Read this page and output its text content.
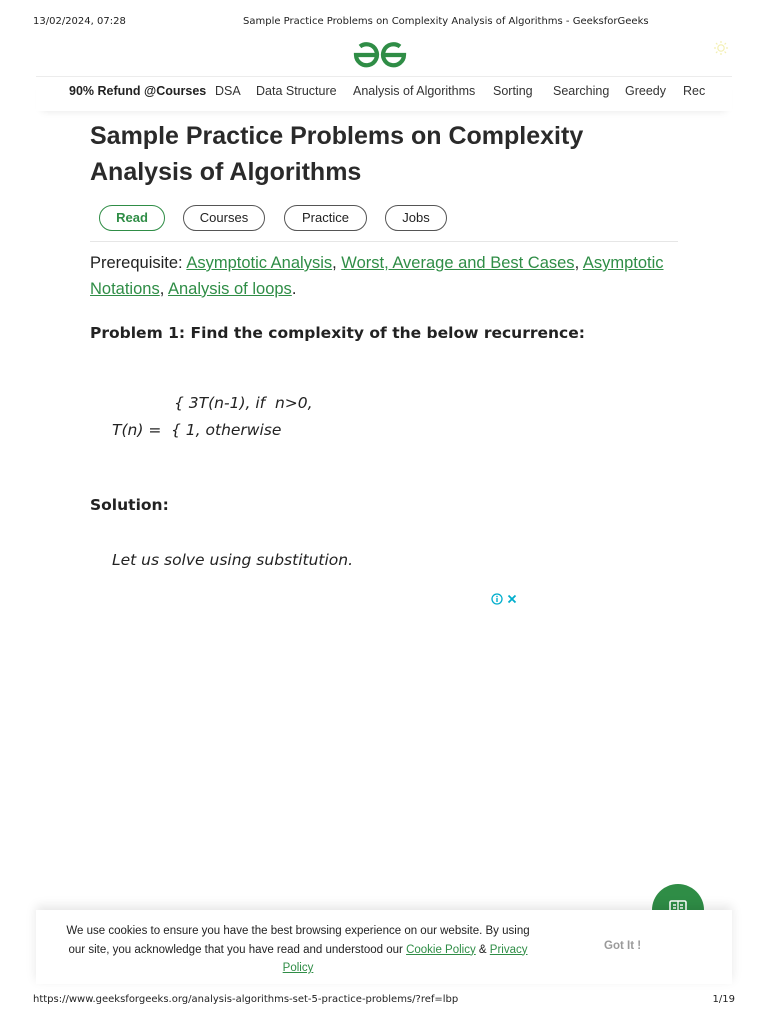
13/02/2024, 07:28	Sample Practice Problems on Complexity Analysis of Algorithms - GeeksforGeeks
90% Refund @Courses DSA Data Structure Analysis of Algorithms Sorting Searching Greedy Rec
Sample Practice Problems on Complexity Analysis of Algorithms
Read	Courses	Practice	Jobs

Prerequisite: Asymptotic Analysis, Worst, Average and Best Cases, Asymptotic Notations, Analysis of loops.

Problem 1: Find the complexity of the below recurrence:
{ 3T(n-1), if  n>0,
T(n) = { 1, otherwise
Solution:

Let us solve using substitution.

We use cookies to ensure you have the best browsing experience on our website. By using our site, you acknowledge that you have read and understood our Cookie Policy & Privacy Policy

Got It !
https://www.geeksforgeeks.org/analysis-algorithms-set-5-practice-problems/?ref=lbp	1/19
